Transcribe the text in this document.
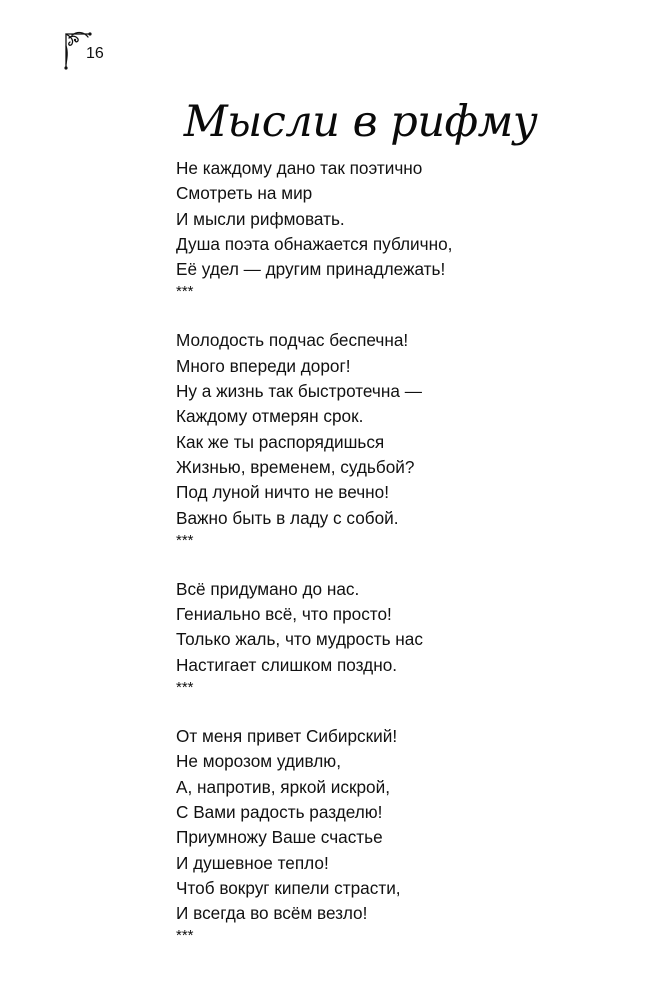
16
Мысли в рифму
Не каждому дано так поэтично
Смотреть на мир
И мысли рифмовать.
Душа поэта обнажается публично,
Её удел — другим принадлежать!
***
Молодость подчас беспечна!
Много впереди дорог!
Ну а жизнь так быстротечна —
Каждому отмерян срок.
Как же ты распорядишься
Жизнью, временем, судьбой?
Под луной ничто не вечно!
Важно быть в ладу с собой.
***
Всё придумано до нас.
Гениально всё, что просто!
Только жаль, что мудрость нас
Настигает слишком поздно.
***
От меня привет Сибирский!
Не морозом удивлю,
А, напротив, яркой искрой,
С Вами радость разделю!
Приумножу Ваше счастье
И душевное тепло!
Чтоб вокруг кипели страсти,
И всегда во всём везло!
***
